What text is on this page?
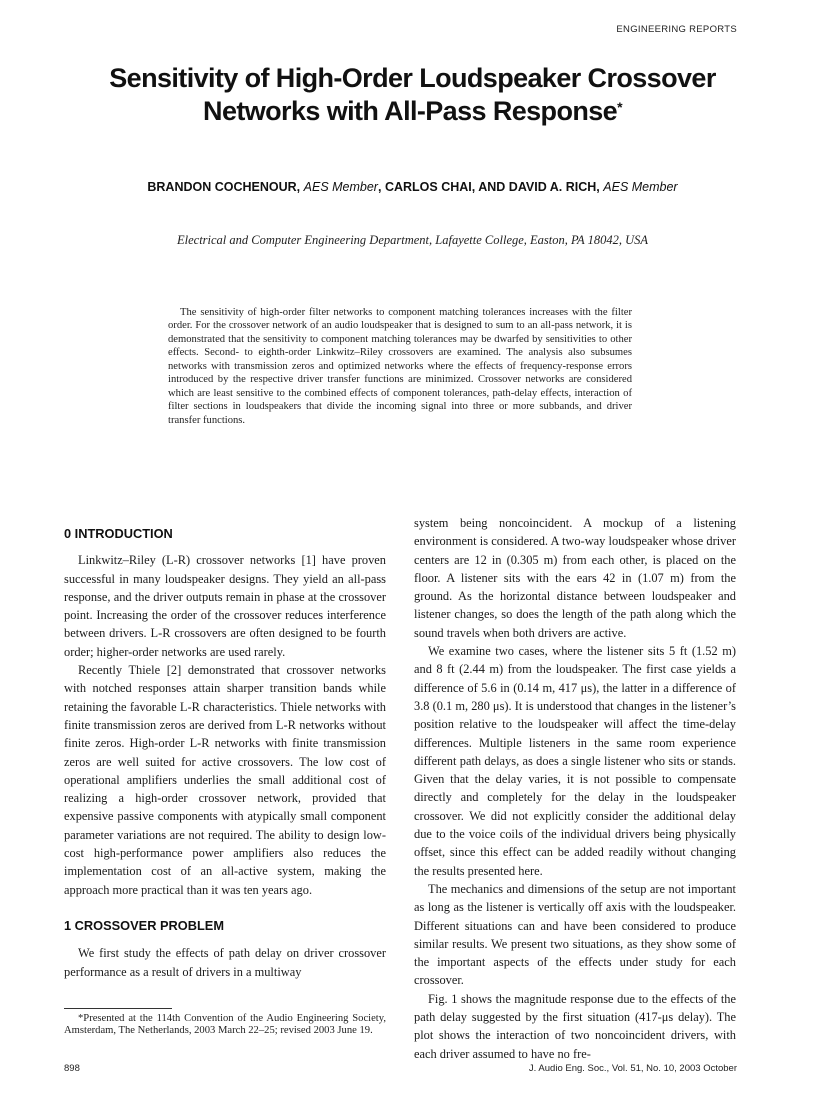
ENGINEERING REPORTS
Sensitivity of High-Order Loudspeaker Crossover Networks with All-Pass Response*
BRANDON COCHENOUR, AES Member, CARLOS CHAI, AND DAVID A. RICH, AES Member
Electrical and Computer Engineering Department, Lafayette College, Easton, PA 18042, USA

The sensitivity of high-order filter networks to component matching tolerances increases with the filter order. For the crossover network of an audio loudspeaker that is designed to sum to an all-pass network, it is demonstrated that the sensitivity to component matching tolerances may be dwarfed by sensitivities to other effects. Second- to eighth-order Linkwitz–Riley crossovers are examined. The analysis also subsumes networks with transmission zeros and optimized networks where the effects of frequency-response errors introduced by the respective driver transfer functions are minimized. Crossover networks are considered which are least sensitive to the combined effects of component tolerances, path-delay effects, interaction of filter sections in loudspeakers that divide the incoming signal into three or more subbands, and driver transfer functions.

0 INTRODUCTION

Linkwitz–Riley (L-R) crossover networks [1] have proven successful in many loudspeaker designs. They yield an all-pass response, and the driver outputs remain in phase at the crossover point. Increasing the order of the crossover reduces interference between drivers. L-R crossovers are often designed to be fourth order; higher-order networks are used rarely.

Recently Thiele [2] demonstrated that crossover networks with notched responses attain sharper transition bands while retaining the favorable L-R characteristics. Thiele networks with finite transmission zeros are derived from L-R networks without finite zeros. High-order L-R networks with finite transmission zeros are well suited for active crossovers. The low cost of operational amplifiers underlies the small additional cost of realizing a high-order crossover network, provided that expensive passive components with atypically small component parameter variations are not required. The ability to design low-cost high-performance power amplifiers also reduces the implementation cost of an all-active system, making the approach more practical than it was ten years ago.

1 CROSSOVER PROBLEM

We first study the effects of path delay on driver crossover performance as a result of drivers in a multiway

system being noncoincident. A mockup of a listening environment is considered. A two-way loudspeaker whose driver centers are 12 in (0.305 m) from each other, is placed on the floor. A listener sits with the ears 42 in (1.07 m) from the ground. As the horizontal distance between loudspeaker and listener changes, so does the length of the path along which the sound travels when both drivers are active.

We examine two cases, where the listener sits 5 ft (1.52 m) and 8 ft (2.44 m) from the loudspeaker. The first case yields a difference of 5.6 in (0.14 m, 417 μs), the latter in a difference of 3.8 (0.1 m, 280 μs). It is understood that changes in the listener’s position relative to the loudspeaker will affect the time-delay differences. Multiple listeners in the same room experience different path delays, as does a single listener who sits or stands. Given that the delay varies, it is not possible to compensate directly and completely for the delay in the loudspeaker crossover. We did not explicitly consider the additional delay due to the voice coils of the individual drivers being physically offset, since this effect can be added readily without changing the results presented here.

The mechanics and dimensions of the setup are not important as long as the listener is vertically off axis with the loudspeaker. Different situations can and have been considered to produce similar results. We present two situations, as they show some of the important aspects of the effects under study for each crossover.

Fig. 1 shows the magnitude response due to the effects of the path delay suggested by the first situation (417-μs delay). The plot shows the interaction of two noncoincident drivers, with each driver assumed to have no fre-

*Presented at the 114th Convention of the Audio Engineering Society, Amsterdam, The Netherlands, 2003 March 22–25; revised 2003 June 19.

898	J. Audio Eng. Soc., Vol. 51, No. 10, 2003 October
